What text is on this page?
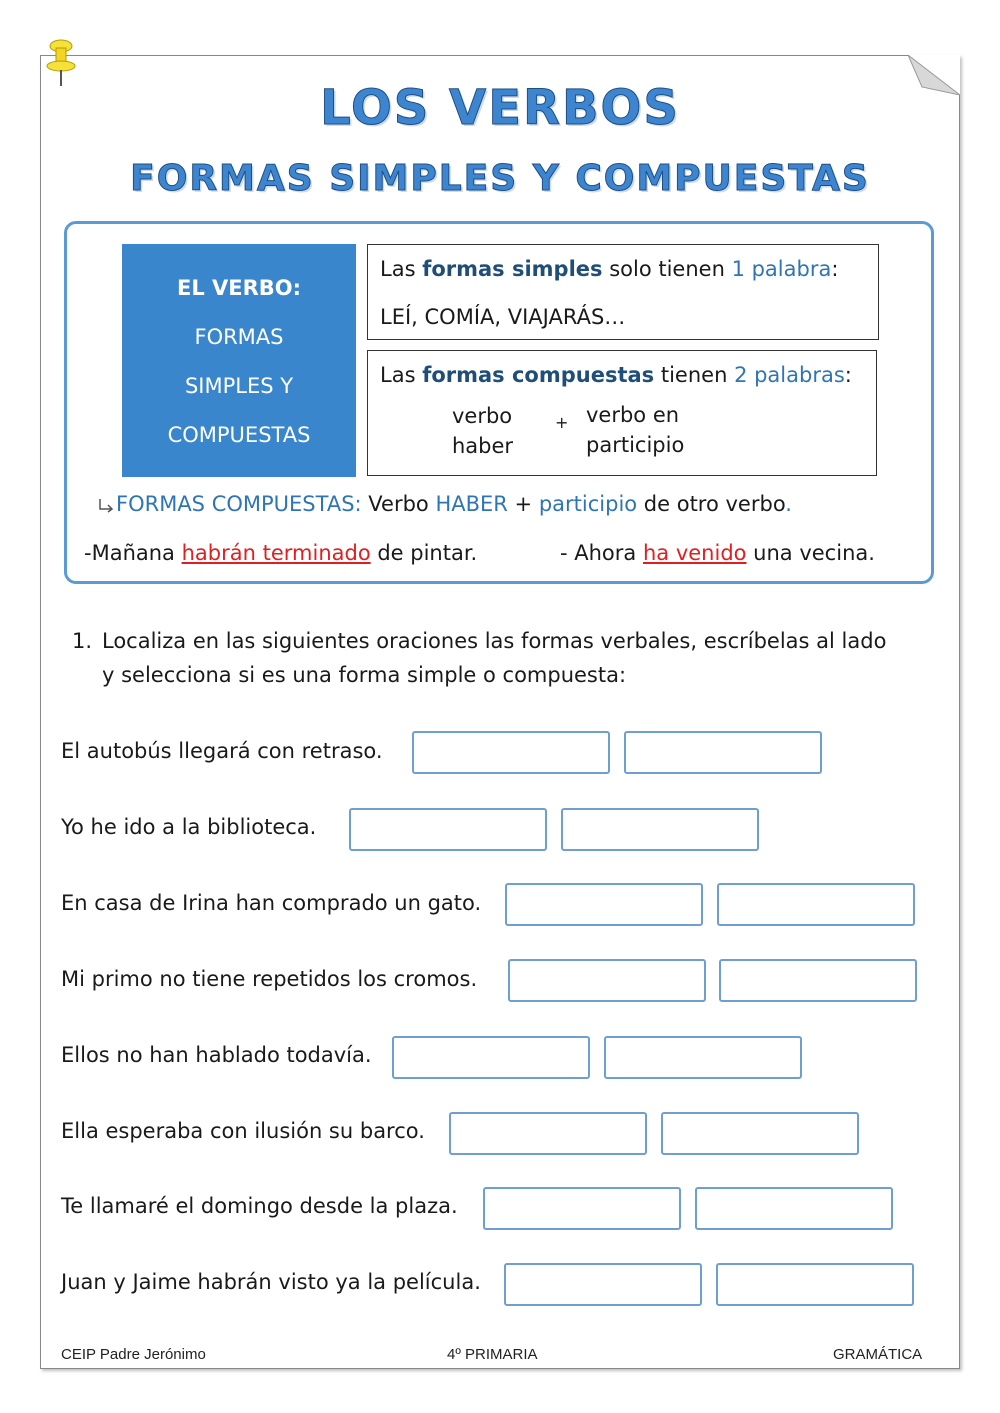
LOS VERBOS
FORMAS SIMPLES Y COMPUESTAS
EL VERBO:
FORMAS
SIMPLES Y
COMPUESTAS
Las formas simples solo tienen 1 palabra:
LEÍ, COMÍA, VIAJARÁS…
Las formas compuestas tienen 2 palabras:
verbo
haber
+ verbo en
participio
FORMAS COMPUESTAS: Verbo HABER + participio de otro verbo.
-Mañana habrán terminado de pintar.	- Ahora ha venido una vecina.
1. Localiza en las siguientes oraciones las formas verbales, escríbelas al lado
y selecciona si es una forma simple o compuesta:
El autobús llegará con retraso.
Yo he ido a la biblioteca.
En casa de Irina han comprado un gato.
Mi primo no tiene repetidos los cromos.
Ellos no han hablado todavía.
Ella esperaba con ilusión su barco.
Te llamaré el domingo desde la plaza.
Juan y Jaime habrán visto ya la película.
CEIP Padre Jerónimo	4º PRIMARIA	GRAMÁTICA
